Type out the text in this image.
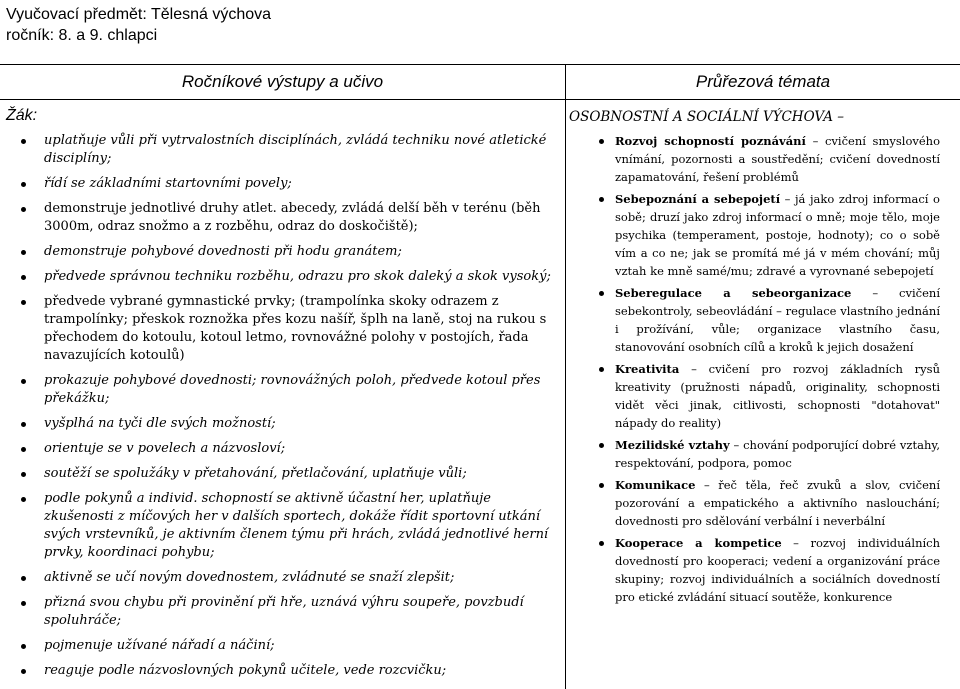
Vyučovací předmět: Tělesná výchova
ročník: 8. a 9. chlapci
Ročníkové výstupy a učivo	Průřezová témata
Žák:
uplatňuje vůli při vytrvalostních disciplínách, zvládá techniku nové atletické disciplíny;
řídí se základními startovními povely;
demonstruje jednotlivé druhy atlet. abecedy, zvládá delší běh v terénu (běh 3000m, odraz snožmo a z rozběhu, odraz do doskočiště);
demonstruje pohybové dovednosti při hodu granátem;
předvede správnou techniku rozběhu, odrazu pro skok daleký a skok vysoký;
předvede vybrané gymnastické prvky; (trampolínka skoky odrazem z trampolínky; přeskok roznožka přes kozu našíř, šplh na laně, stoj na rukou s přechodem do kotoulu, kotoul letmo, rovnovážné polohy v postojích, řada navazujících kotoulů)
prokazuje pohybové dovednosti; rovnovážných poloh, předvede kotoul přes překážku;
vyšplhá na tyči dle svých možností;
orientuje se v povelech a názvosloví;
soutěží se spolužáky v přetahování, přetlačování, uplatňuje vůli;
podle pokynů a individ. schopností se aktivně účastní her, uplatňuje zkušenosti z míčových her v dalších sportech, dokáže řídit sportovní utkání svých vrstevníků, je aktivním členem týmu při hrách, zvládá jednotlivé herní prvky, koordinaci pohybu;
aktivně se učí novým dovednostem, zvládnuté se snaží zlepšit;
přizná svou chybu při provinění při hře, uznává výhru soupeře, povzbudí spoluhráče;
pojmenuje užívané nářadí a náčiní;
reaguje podle názvoslovných pokynů učitele, vede rozcvičku;
OSOBNOSTNÍ A SOCIÁLNÍ VÝCHOVA –
Rozvoj schopností poznávání – cvičení smyslového vnímání, pozornosti a soustředění; cvičení dovedností zapamatování, řešení problémů
Sebepoznání a sebepojetí – já jako zdroj informací o sobě; druzí jako zdroj informací o mně; moje tělo, moje psychika (temperament, postoje, hodnoty); co o sobě vím a co ne; jak se promítá mé já v mém chování; můj vztah ke mně samé/mu; zdravé a vyrovnané sebepojetí
Seberegulace a sebeorganizace – cvičení sebekontroly, sebeovládání – regulace vlastního jednání i prožívání, vůle; organizace vlastního času, stanovování osobních cílů a kroků k jejich dosažení
Kreativita – cvičení pro rozvoj základních rysů kreativity (pružnosti nápadů, originality, schopnosti vidět věci jinak, citlivosti, schopnosti "dotahovat" nápady do reality)
Mezilidské vztahy – chování podporující dobré vztahy, respektování, podpora, pomoc
Komunikace – řeč těla, řeč zvuků a slov, cvičení pozorování a empatického a aktivního naslouchání; dovednosti pro sdělování verbální i neverbální
Kooperace a kompetice – rozvoj individuálních dovedností pro kooperaci; vedení a organizování práce skupiny; rozvoj individuálních a sociálních dovedností pro etické zvládání situací soutěže, konkurence
